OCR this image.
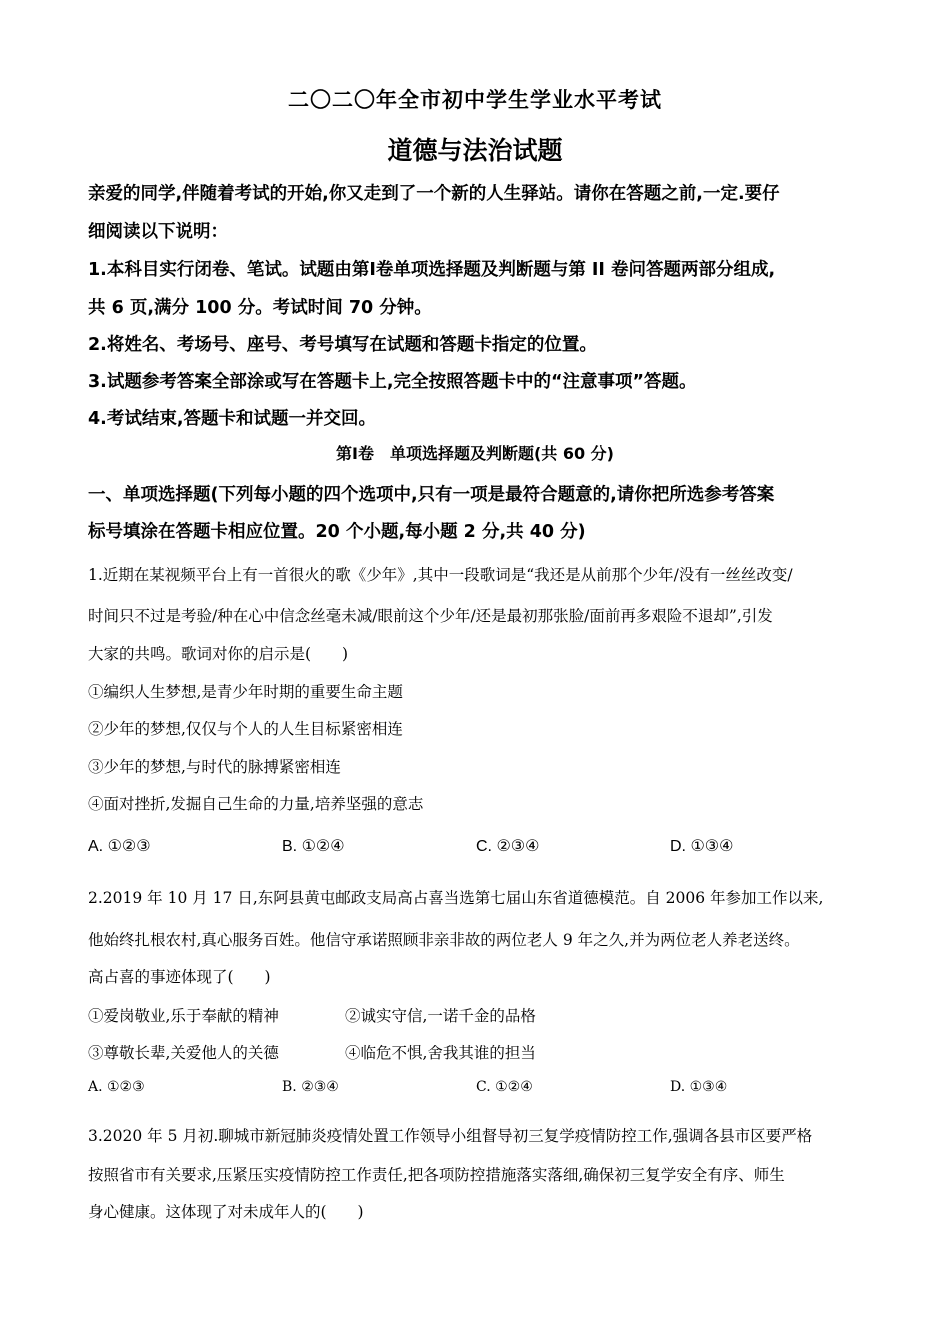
二〇二〇年全市初中学生学业水平考试
道德与法治试题
亲爱的同学,伴随着考试的开始,你又走到了一个新的人生驿站。请你在答题之前,一定.要仔
细阅读以下说明：
1.本科目实行闭卷、笔试。试题由第Ⅰ卷单项选择题及判断题与第 II 卷问答题两部分组成,
共 6 页,满分 100 分。考试时间 70 分钟。
2.将姓名、考场号、座号、考号填写在试题和答题卡指定的位置。
3.试题参考答案全部涂或写在答题卡上,完全按照答题卡中的“注意事项”答题。
4.考试结束,答题卡和试题一并交回。
第Ⅰ卷　单项选择题及判断题(共 60 分)
一、单项选择题(下列每小题的四个选项中,只有一项是最符合题意的,请你把所选参考答案
标号填涂在答题卡相应位置。20 个小题,每小题 2 分,共 40 分)
1.近期在某视频平台上有一首很火的歌《少年》,其中一段歌词是“我还是从前那个少年/没有一丝丝改变/
时间只不过是考验/种在心中信念丝毫未减/眼前这个少年/还是最初那张脸/面前再多艰险不退却”,引发
大家的共鸣。歌词对你的启示是(　　)
①编织人生梦想,是青少年时期的重要生命主题
②少年的梦想,仅仅与个人的人生目标紧密相连
③少年的梦想,与时代的脉搏紧密相连
④面对挫折,发掘自己生命的力量,培养坚强的意志
A. ①②③	B. ①②④	C. ②③④	D. ①③④
2.2019 年 10 月 17 日,东阿县黄屯邮政支局高占喜当选第七届山东省道德模范。自 2006 年参加工作以来,
他始终扎根农村,真心服务百姓。他信守承诺照顾非亲非故的两位老人 9 年之久,并为两位老人养老送终。
高占喜的事迹体现了(　　)
①爱岗敬业,乐于奉献的精神	②诚实守信,一诺千金的品格
③尊敬长辈,关爱他人的关德	④临危不惧,舍我其谁的担当
A. ①②③	B. ②③④	C. ①②④	D. ①③④
3.2020 年 5 月初.聊城市新冠肺炎疫情处置工作领导小组督导初三复学疫情防控工作,强调各县市区要严格
按照省市有关要求,压紧压实疫情防控工作责任,把各项防控措施落实落细,确保初三复学安全有序、师生
身心健康。这体现了对未成年人的(　　)
